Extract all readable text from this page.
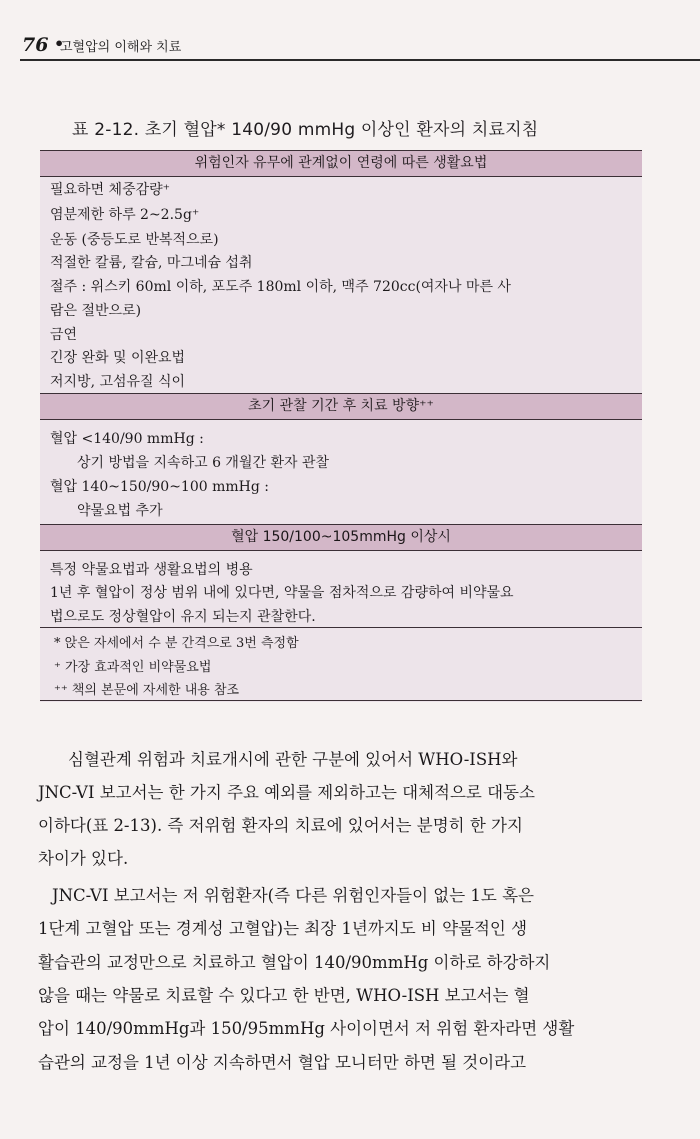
76 •
고혈압의 이해와 치료
표 2-12. 초기 혈압* 140/90 mmHg 이상인 환자의 치료지침
위험인자 유무에 관계없이 연령에 따른 생활요법
필요하면 체중감량⁺
염분제한 하루 2~2.5g⁺
운동 (중등도로 반복적으로)
적절한 칼륨, 칼슘, 마그네슘 섭취
절주 : 위스키 60ml 이하, 포도주 180ml 이하, 맥주 720cc(여자나 마른 사
람은 절반으로)
금연
긴장 완화 및 이완요법
저지방, 고섬유질 식이
초기 관찰 기간 후 치료 방향⁺⁺
혈압 <140/90 mmHg :
상기 방법을 지속하고 6 개월간 환자 관찰
혈압 140~150/90~100 mmHg :
약물요법 추가
혈압 150/100~105mmHg 이상시
특정 약물요법과 생활요법의 병용
1년 후 혈압이 정상 범위 내에 있다면, 약물을 점차적으로 감량하여 비약물요
법으로도 정상혈압이 유지 되는지 관찰한다.
* 앉은 자세에서 수 분 간격으로 3번 측정함
⁺ 가장 효과적인 비약물요법
⁺⁺ 책의 본문에 자세한 내용 참조
심혈관계 위험과 치료개시에 관한 구분에 있어서 WHO-ISH와
JNC-VI 보고서는 한 가지 주요 예외를 제외하고는 대체적으로 대동소
이하다(표 2-13). 즉 저위험 환자의 치료에 있어서는 분명히 한 가지
차이가 있다.
JNC-VI 보고서는 저 위험환자(즉 다른 위험인자들이 없는 1도 혹은
1단계 고혈압 또는 경계성 고혈압)는 최장 1년까지도 비 약물적인 생
활습관의 교정만으로 치료하고 혈압이 140/90mmHg 이하로 하강하지
않을 때는 약물로 치료할 수 있다고 한 반면, WHO-ISH 보고서는 혈
압이 140/90mmHg과 150/95mmHg 사이이면서 저 위험 환자라면 생활
습관의 교정을 1년 이상 지속하면서 혈압 모니터만 하면 될 것이라고
